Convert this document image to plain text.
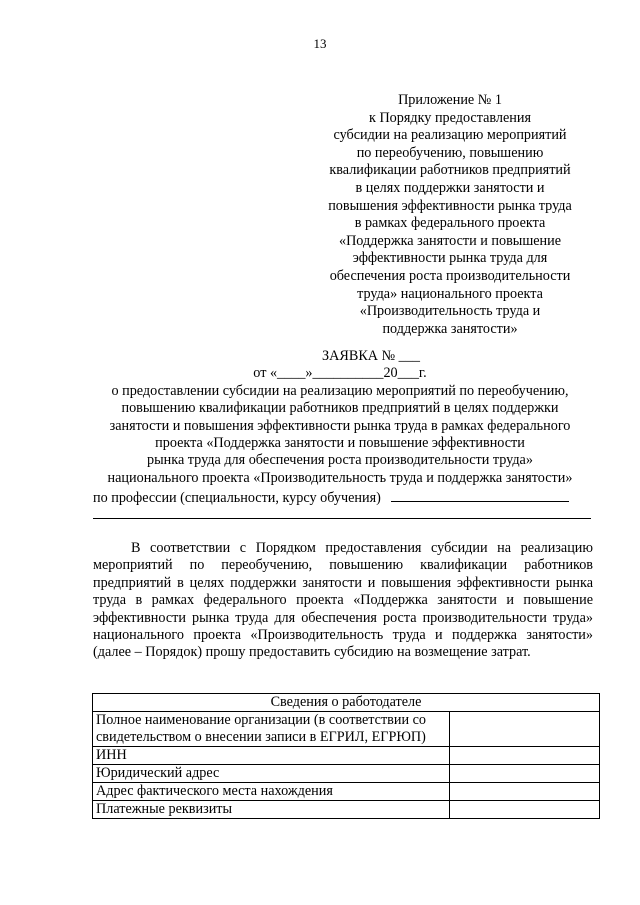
13
Приложение № 1
к Порядку предоставления
субсидии на реализацию мероприятий
по переобучению, повышению
квалификации работников предприятий
в целях поддержки занятости и
повышения эффективности рынка труда
в рамках федерального проекта
«Поддержка занятости и повышение
эффективности рынка труда для
обеспечения роста производительности
труда» национального проекта
«Производительность труда и
поддержка занятости»
ЗАЯВКА № ___
от «____»__________20___г.
о предоставлении субсидии на реализацию мероприятий по переобучению,
повышению квалификации работников предприятий в целях поддержки
занятости и повышения эффективности рынка труда в рамках федерального
проекта «Поддержка занятости и повышение эффективности
рынка труда для обеспечения роста производительности труда»
национального проекта «Производительность труда и поддержка занятости»
по профессии (специальности, курсу обучения)
В соответствии с Порядком предоставления субсидии на реализацию мероприятий по переобучению, повышению квалификации работников предприятий в целях поддержки занятости и повышения эффективности рынка труда в рамках федерального проекта «Поддержка занятости и повышение эффективности рынка труда для обеспечения роста производительности труда» национального проекта «Производительность труда и поддержка занятости» (далее – Порядок) прошу предоставить субсидию на возмещение затрат.
Сведения о работодателе	
Полное наименование организации (в соответствии со свидетельством о внесении записи в ЕГРИЛ, ЕГРЮП)	
ИНН	
Юридический адрес	
Адрес фактического места нахождения	
Платежные реквизиты	
